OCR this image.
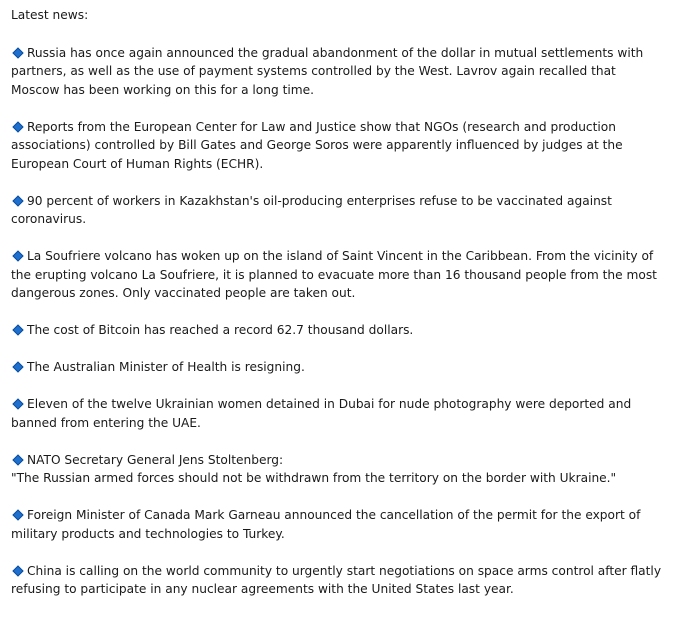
Latest news:

Russia has once again announced the gradual abandonment of the dollar in mutual settlements with partners, as well as the use of payment systems controlled by the West. Lavrov again recalled that Moscow has been working on this for a long time.

Reports from the European Center for Law and Justice show that NGOs (research and production associations) controlled by Bill Gates and George Soros were apparently influenced by judges at the European Court of Human Rights (ECHR).

90 percent of workers in Kazakhstan's oil-producing enterprises refuse to be vaccinated against coronavirus.

La Soufriere volcano has woken up on the island of Saint Vincent in the Caribbean. From the vicinity of the erupting volcano La Soufriere, it is planned to evacuate more than 16 thousand people from the most dangerous zones. Only vaccinated people are taken out.

The cost of Bitcoin has reached a record 62.7 thousand dollars.

The Australian Minister of Health is resigning.

Eleven of the twelve Ukrainian women detained in Dubai for nude photography were deported and banned from entering the UAE.

NATO Secretary General Jens Stoltenberg:

"The Russian armed forces should not be withdrawn from the territory on the border with Ukraine."

Foreign Minister of Canada Mark Garneau announced the cancellation of the permit for the export of military products and technologies to Turkey.

China is calling on the world community to urgently start negotiations on space arms control after flatly refusing to participate in any nuclear agreements with the United States last year.
